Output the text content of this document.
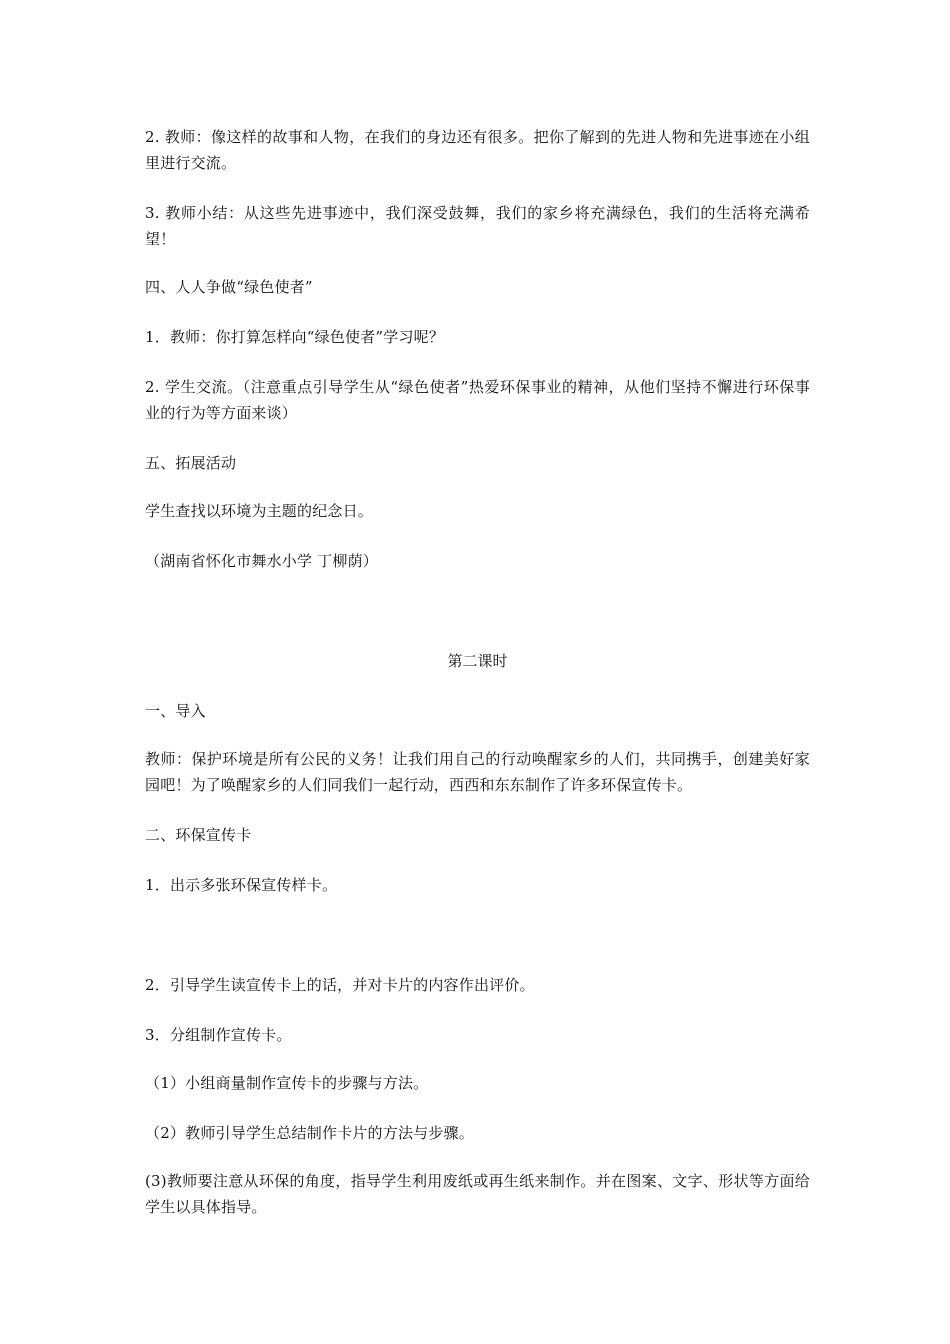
2. 教师：像这样的故事和人物，在我们的身边还有很多。把你了解到的先进人物和先进事迹在小组里进行交流。

3. 教师小结：从这些先进事迹中，我们深受鼓舞，我们的家乡将充满绿色，我们的生活将充满希望！

四、人人争做“绿色使者”

1．教师：你打算怎样向“绿色使者”学习呢？

2. 学生交流。（注意重点引导学生从“绿色使者”热爱环保事业的精神，从他们坚持不懈进行环保事业的行为等方面来谈）

五、拓展活动

学生查找以环境为主题的纪念日。

（湖南省怀化市舞水小学 丁柳荫）

第二课时

一、导入

教师：保护环境是所有公民的义务！让我们用自己的行动唤醒家乡的人们，共同携手，创建美好家园吧！为了唤醒家乡的人们同我们一起行动，西西和东东制作了许多环保宣传卡。

二、环保宣传卡

1．出示多张环保宣传样卡。

2．引导学生读宣传卡上的话，并对卡片的内容作出评价。

3．分组制作宣传卡。

（1）小组商量制作宣传卡的步骤与方法。

（2）教师引导学生总结制作卡片的方法与步骤。

(3)教师要注意从环保的角度，指导学生利用废纸或再生纸来制作。并在图案、文字、形状等方面给学生以具体指导。
